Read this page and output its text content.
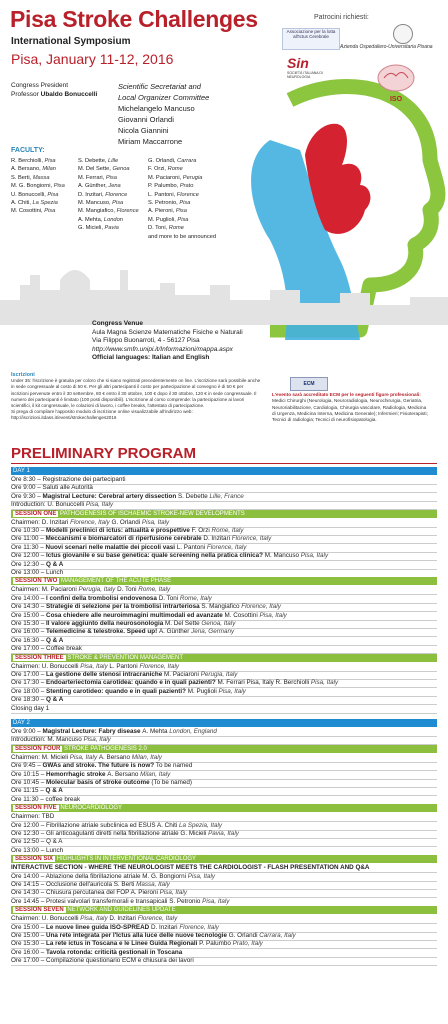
Pisa Stroke Challenges
International Symposium
Pisa, January 11-12, 2016
Patrocini richiesti:
Associazione per la lotta all'Ictus Cerebrale
Azienda Ospedaliero-Universitaria Pisana
Sin
SOCIETÀ ITALIANA DI NEUROLOGIA
ISO
Congress President
Professor Ubaldo Bonuccelli
Scientific Secretariat and
Local Organizer Committee
Michelangelo Mancuso
Giovanni Orlandi
Nicola Giannini
Miriam Maccarrone
FACULTY:
R. Berchiolli, Pisa
A. Bersano, Milan
S. Berti, Massa
M. G. Bongiorni, Pisa
U. Bonuccelli, Pisa
A. Chiti, La Spezia
M. Cosottini, Pisa
S. Debette, Lille
M. Del Sette, Genoa
M. Ferrari, Pisa
A. Günther, Jena
D. Inzitari, Florence
M. Mancuso, Pisa
M. Mangiafico, Florence
A. Mehta, London
G. Micieli, Pavia
G. Orlandi, Carrara
F. Orzi, Rome
M. Paciaroni, Perugia
P. Palumbo, Prato
L. Pantoni, Florence
S. Petronio, Pisa
A. Pieroni, Pisa
M. Puglioli, Pisa
D. Toni, Rome
and more to be announced
Congress Venue
Aula Magna Scienze Matematiche Fisiche e Naturali
Via Filippo Buonarroti, 4 - 56127 Pisa
http://www.smfn.unipi.it/Informazioni/mappa.aspx
Official languages: Italian and English
Iscrizioni
Under 35: l'iscrizione è gratuita per coloro che si siano registrati precedentemente on line. L'iscrizione sarà possibile anche
in sede congressuale al costo di 50 €. Per gli altri partecipanti il costo per partecipazione al convegno è di 50 € per
iscrizioni pervenute entro il 30 settembre, 80 € entro il 30 ottobre, 100 € dopo il 30 ottobre, 120 € in sede congressuale. Il
numero dei partecipanti è limitato (100 posti disponibili). L'iscrizione al corso comprende: la partecipazione ai lavori
scientifici, il kit congressuale, le colazioni di lavoro, i coffee breaks, l'attestato di partecipazione.
Si prega di compilare l'apposito modulo di iscrizione online visualizzabile all'indirizzo web:
http://iscrizioni.itdass.it/eventi/strokechallenges2016
ECM
L'evento sarà accreditato ECM per le seguenti figure professionali:
Medici Chirurghi (Neurologia, Neuroradiologia, Neurochirurgia, Geriatria,
Neuroriabilitazione, Cardiologia, Chirurgia vascolare, Radiologia, Medicina
di Urgenza, Medicina Interna, Medicina Generale); Infermieri; Fisioterapisti;
Tecnici di radiologia; Tecnici di neurofisiopatologia.
PRELIMINARY PROGRAM
DAY 1
Ore 8:30 – Registrazione dei partecipanti
Ore 9:00 – Saluti alle Autorità
Ore 9:30 – Magistral Lecture: Cerebral artery dissection S. Debette Lille, France
Introduction: U. Bonuccelli Pisa, Italy
SESSION ONE PATHOGENESIS OF ISCHAEMIC STROKE-NEW DEVELOPMENTS
Chairmen: D. Inzitari Florence, Italy G. Orlandi Pisa, Italy
Ore 10:30 – Modelli preclinici di ictus: attualità e prospettive F. Orzi Rome, Italy
Ore 11:00 – Meccanismi e biomarcatori di riperfusione cerebrale D. Inzitari Florence, Italy
Ore 11:30 – Nuovi scenari nelle malattie dei piccoli vasi L. Pantoni Florence, Italy
Ore 12:00 – Ictus giovanile e su base genetica: quale screening nella pratica clinica? M. Mancuso Pisa, Italy
Ore 12:30 – Q & A
Ore 13:00 – Lunch
SESSION TWO MANAGEMENT OF THE ACUTE PHASE
Chairmen: M. Paciaroni Perugia, Italy D. Toni Rome, Italy
Ore 14:00 – I confini della trombolisi endovenosa D. Toni Rome, Italy
Ore 14:30 – Strategie di selezione per la trombolisi intrarteriosa S. Mangiafico Florence, Italy
Ore 15:00 – Cosa chiedere alle neuroimmagini multimodali ed avanzate M. Cosottini Pisa, Italy
Ore 15:30 – Il valore aggiunto della neurosonologia M. Del Sette Genoa, Italy
Ore 16:00 – Telemedicine & telestroke. Speed up! A. Günther Jena, Germany
Ore 16:30 – Q & A
Ore 17:00 – Coffee break
SESSION THREE STROKE & PREVENTION MANAGEMENT
Chairmen: U. Bonuccelli Pisa, Italy L. Pantoni Florence, Italy
Ore 17:00 – La gestione delle stenosi intracraniche M. Paciaroni Perugia, Italy
Ore 17:30 – Endoarteriectomia carotidea: quando e in quali pazienti? M. Ferrari Pisa, Italy R. Berchiolli Pisa, Italy
Ore 18:00 – Stenting carotideo: quando e in quali pazienti? M. Puglioli Pisa, Italy
Ore 18:30 – Q & A
Closing day 1
DAY 2
Ore 9:00 – Magistral Lecture: Fabry disease A. Mehta London, England
Introduction: M. Mancuso Pisa, Italy
SESSION FOUR STROKE PATHOGENESIS 2.0
Chairmen: M. Micieli Pisa, Italy A. Bersano Milan, Italy
Ore 9:45 – GWAs and stroke. The future is now? To be named
Ore 10:15 – Hemorrhagic stroke A. Bersano Milan, Italy
Ore 10:45 – Molecular basis of stroke outcome (To be named)
Ore 11:15 – Q & A
Ore 11:30 – coffee break
SESSION FIVE NEUROCARDIOLOGY
Chairmen: TBD
Ore 12:00 – Fibrillazione atriale subclinica ed ESUS A. Chiti La Spezia, Italy
Ore 12:30 – Gli anticoagulanti diretti nella fibrillazione atriale G. Micieli Pavia, Italy
Ore 12:50 – Q & A
Ore 13:00 – Lunch
SESSION SIX HIGHLIGHTS IN INTERVENTIONAL CARDIOLOGY
INTERACTIVE SECTION - WHERE THE NEUROLOGIST MEETS THE CARDIOLOGIST - FLASH PRESENTATION AND Q&A
Ore 14:00 – Ablazione della fibrillazione atriale M. G. Bongiorni Pisa, Italy
Ore 14:15 – Occlusione dell'auricola S. Berti Massa, Italy
Ore 14:30 – Chiusura percutanea del FOP A. Pieroni Pisa, Italy
Ore 14:45 – Protesi valvolari transfemorali e transapicali S. Petronio Pisa, Italy
SESSION SEVEN NETWORK AND GUIDELINES UPDATE
Chairmen: U. Bonuccelli Pisa, Italy D. Inzitari Florence, Italy
Ore 15:00 – Le nuove linee guida ISO-SPREAD D. Inzitari Florence, Italy
Ore 15:00 – Una rete integrata per l'Ictus alla luce delle nuove tecnologie G. Orlandi Carrara, Italy
Ore 15:30 – La rete ictus in Toscana e le Linee Guida Regionali P. Palumbo Prato, Italy
Ore 16:00 – Tavola rotonda: criticità gestionali in Toscana
Ore 17:00 – Compilazione questionario ECM e chiusura dei lavori
